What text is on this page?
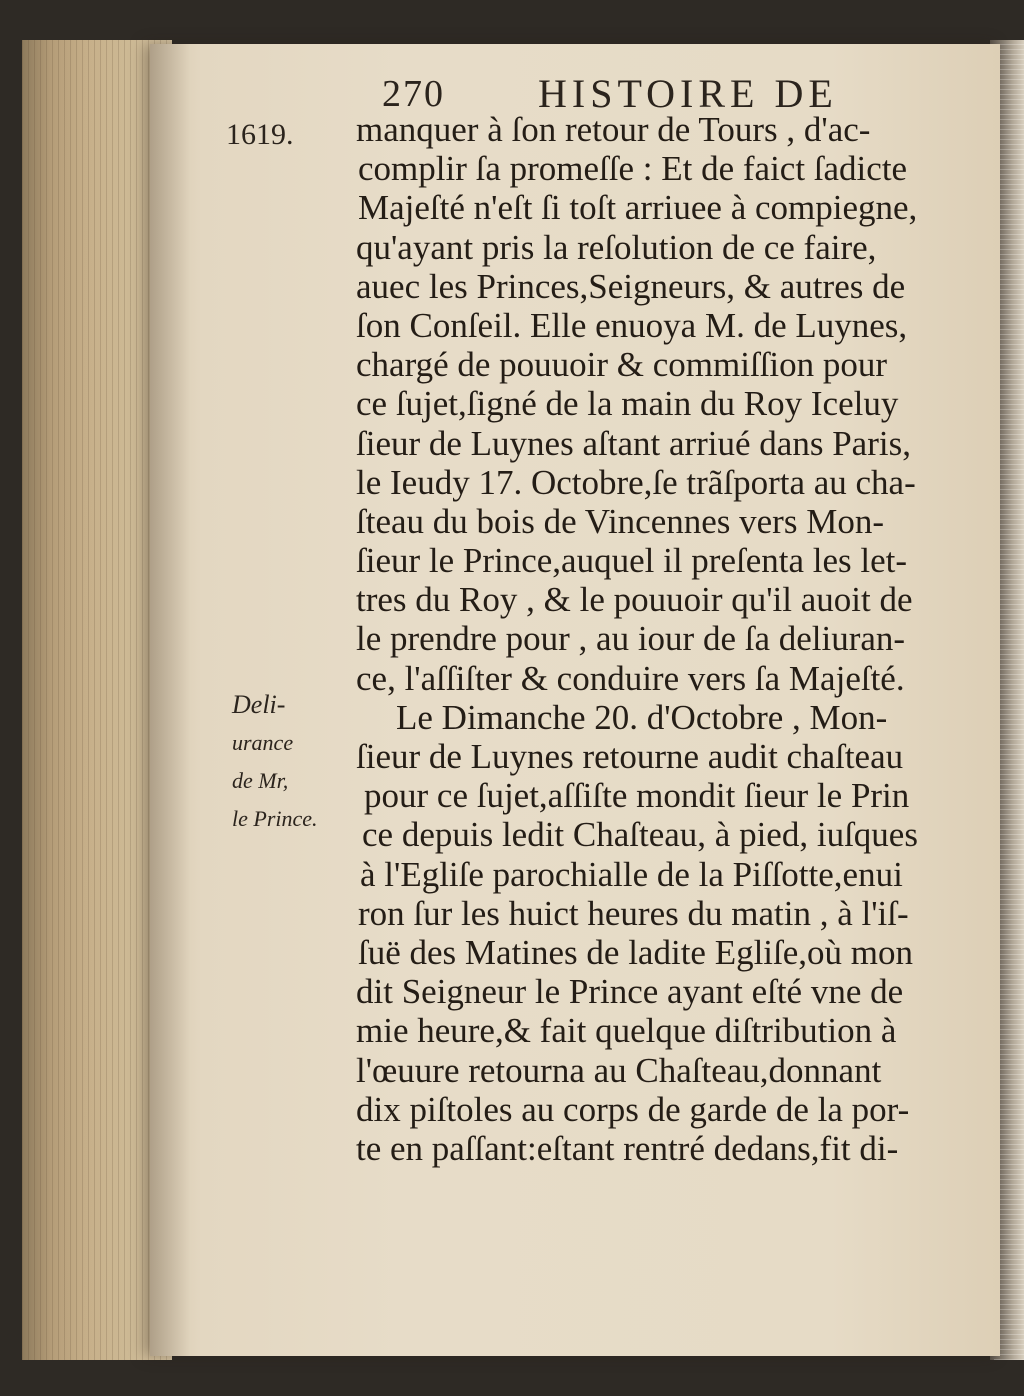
270 HISTOIRE DE
1619. manquer à ſon retour de Tours , d'ac-
complir ſa promeſſe : Et de faict ſadicte
Majeſté n'eſt ſi toſt arriuee à compiegne,
qu'ayant pris la reſolution de ce faire,
auec les Princes,Seigneurs, & autres de
ſon Conſeil. Elle enuoya M. de Luynes,
chargé de pouuoir & commiſſion pour
ce ſujet,ſigné de la main du Roy Iceluy
ſieur de Luynes aſtant arriué dans Paris,
le Ieudy 17. Octobre,ſe trãſporta au cha-
ſteau du bois de Vincennes vers Mon-
ſieur le Prince,auquel il preſenta les let-
tres du Roy , & le pouuoir qu'il auoit de
le prendre pour , au iour de ſa deliuran-
ce, l'aſſiſter & conduire vers ſa Majeſté.
Le Dimanche 20. d'Octobre , Mon-
ſieur de Luynes retourne audit chaſteau
pour ce ſujet,aſſiſte mondit ſieur le Prin
ce depuis ledit Chaſteau, à pied, iuſques
à l'Egliſe parochialle de la Piſſotte,enui
ron ſur les huict heures du matin , à l'iſ-
ſuë des Matines de ladite Egliſe,où mon
dit Seigneur le Prince ayant eſté vne de
mie heure,& fait quelque diſtribution à
l'œuure retourna au Chaſteau,donnant
dix piſtoles au corps de garde de la por-
te en paſſant:eſtant rentré dedans,fit di-
Deli-
urance
de Mr,
le Prince.
